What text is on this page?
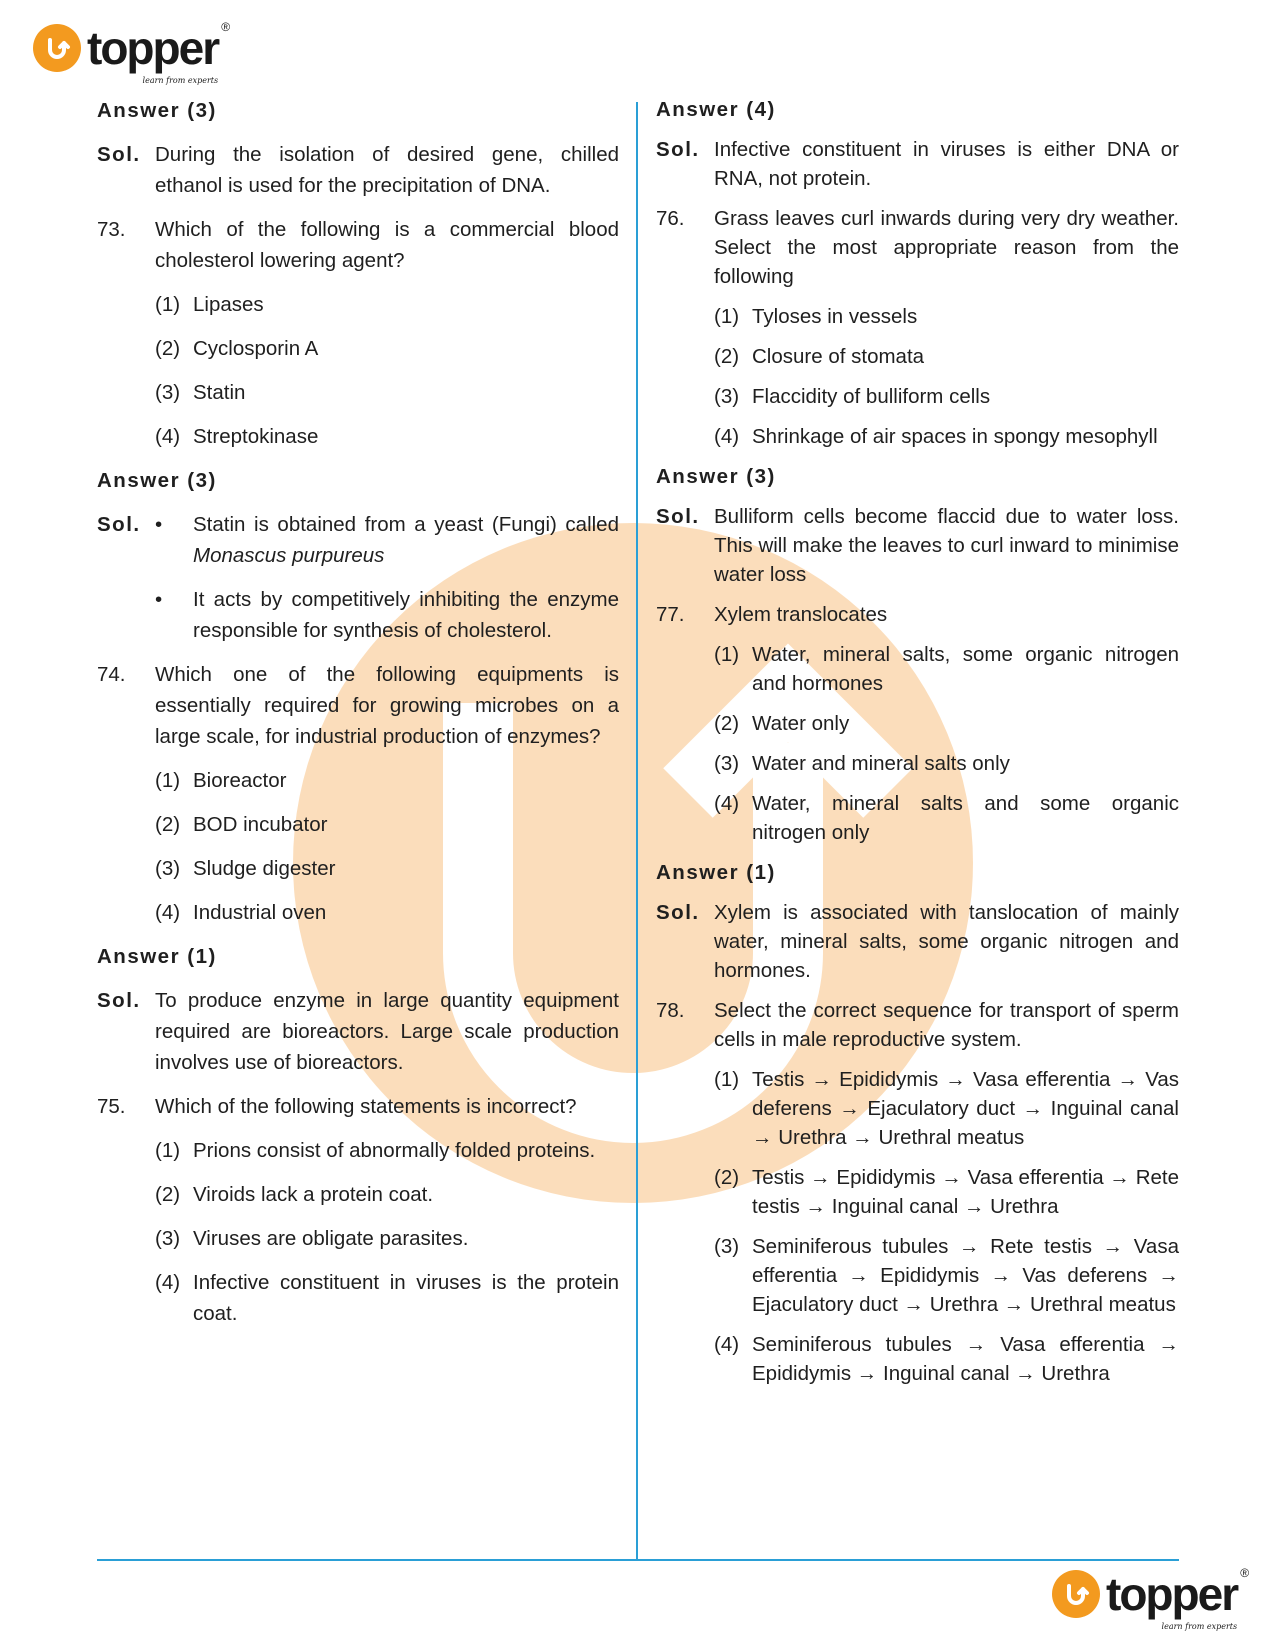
topper ®
learn from experts
topper ®
learn from experts
Answer (3)
Sol. During the isolation of desired gene, chilled ethanol is used for the precipitation of DNA.
73.	Which of the following is a commercial blood cholesterol lowering agent?
(1) Lipases
(2) Cyclosporin A
(3) Statin
(4) Streptokinase
Answer (3)
Sol. •	Statin is obtained from a yeast (Fungi) called Monascus purpureus
•	It acts by competitively inhibiting the enzyme responsible for synthesis of cholesterol.
74.	Which one of the following equipments is essentially required for growing microbes on a large scale, for industrial production of enzymes?
(1) Bioreactor
(2) BOD incubator
(3) Sludge digester
(4) Industrial oven
Answer (1)
Sol. To produce enzyme in large quantity equipment required are bioreactors. Large scale production involves use of bioreactors.
75.	Which of the following statements is incorrect?
(1) Prions consist of abnormally folded proteins.
(2) Viroids lack a protein coat.
(3) Viruses are obligate parasites.
(4) Infective constituent in viruses is the protein coat.
Answer (4)
Sol. Infective constituent in viruses is either DNA or RNA, not protein.
76.	Grass leaves curl inwards during very dry weather. Select the most appropriate reason from the following
(1) Tyloses in vessels
(2) Closure of stomata
(3) Flaccidity of bulliform cells
(4) Shrinkage of air spaces in spongy mesophyll
Answer (3)
Sol. Bulliform cells become flaccid due to water loss. This will make the leaves to curl inward to minimise water loss
77.	Xylem translocates
(1) Water, mineral salts, some organic nitrogen and hormones
(2) Water only
(3) Water and mineral salts only
(4) Water, mineral salts and some organic nitrogen only
Answer (1)
Sol. Xylem is associated with tanslocation of mainly water, mineral salts, some organic nitrogen and hormones.
78.	Select the correct sequence for transport of sperm cells in male reproductive system.
(1) Testis → Epididymis → Vasa efferentia → Vas deferens → Ejaculatory duct → Inguinal canal → Urethra → Urethral meatus
(2) Testis → Epididymis → Vasa efferentia → Rete testis → Inguinal canal → Urethra
(3) Seminiferous tubules → Rete testis → Vasa efferentia → Epididymis → Vas deferens → Ejaculatory duct → Urethra → Urethral meatus
(4) Seminiferous tubules → Vasa efferentia → Epididymis → Inguinal canal → Urethra
